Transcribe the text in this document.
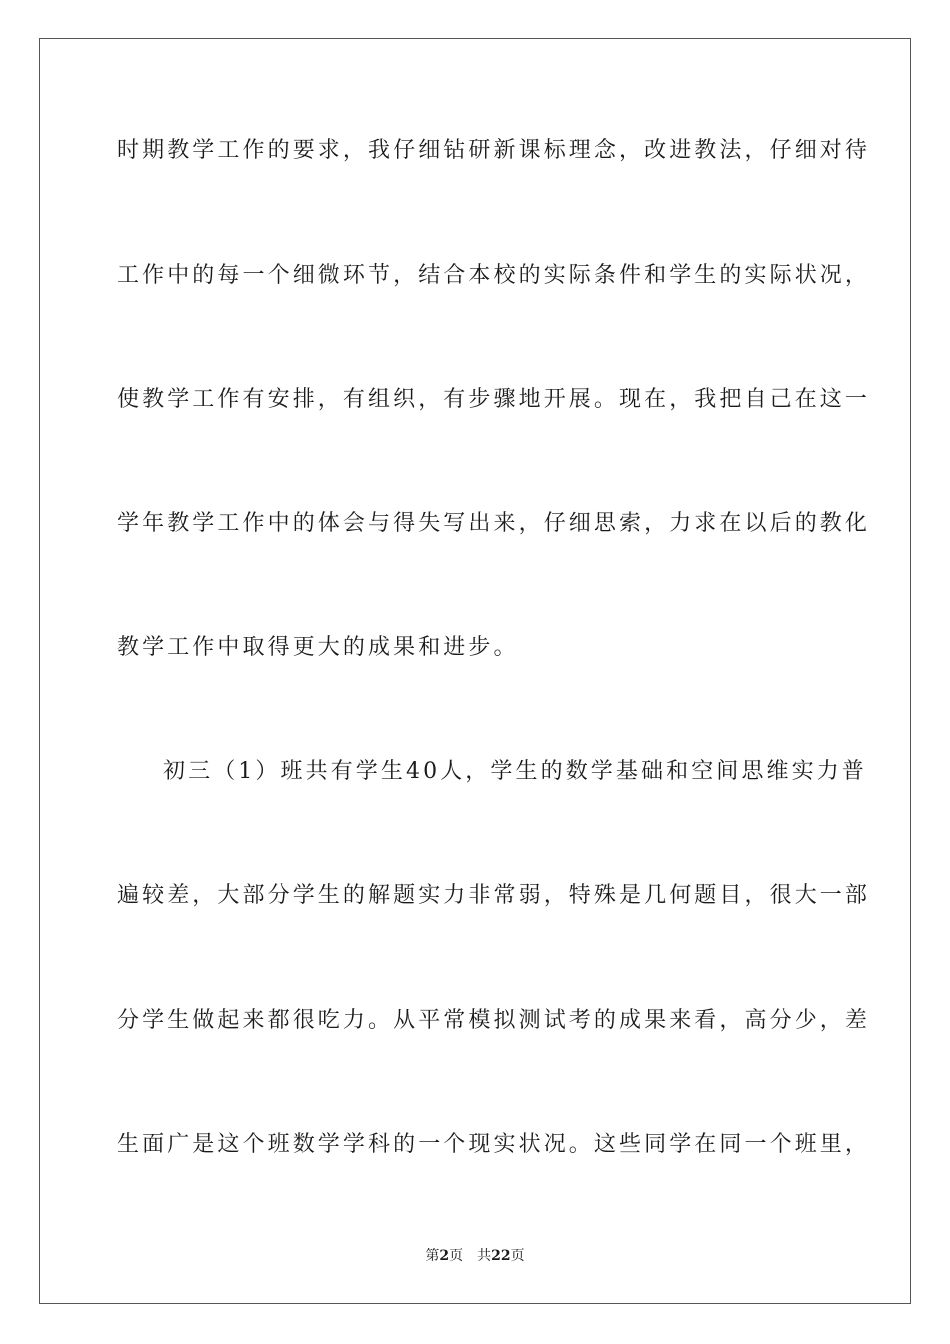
时期教学工作的要求，我仔细钻研新课标理念，改进教法，仔细对待
工作中的每一个细微环节，结合本校的实际条件和学生的实际状况，
使教学工作有安排，有组织，有步骤地开展。现在，我把自己在这一
学年教学工作中的体会与得失写出来，仔细思索，力求在以后的教化
教学工作中取得更大的成果和进步。
初三（1）班共有学生40人，学生的数学基础和空间思维实力普
遍较差，大部分学生的解题实力非常弱，特殊是几何题目，很大一部
分学生做起来都很吃力。从平常模拟测试考的成果来看，高分少，差
生面广是这个班数学学科的一个现实状况。这些同学在同一个班里，
第2页 共22页
